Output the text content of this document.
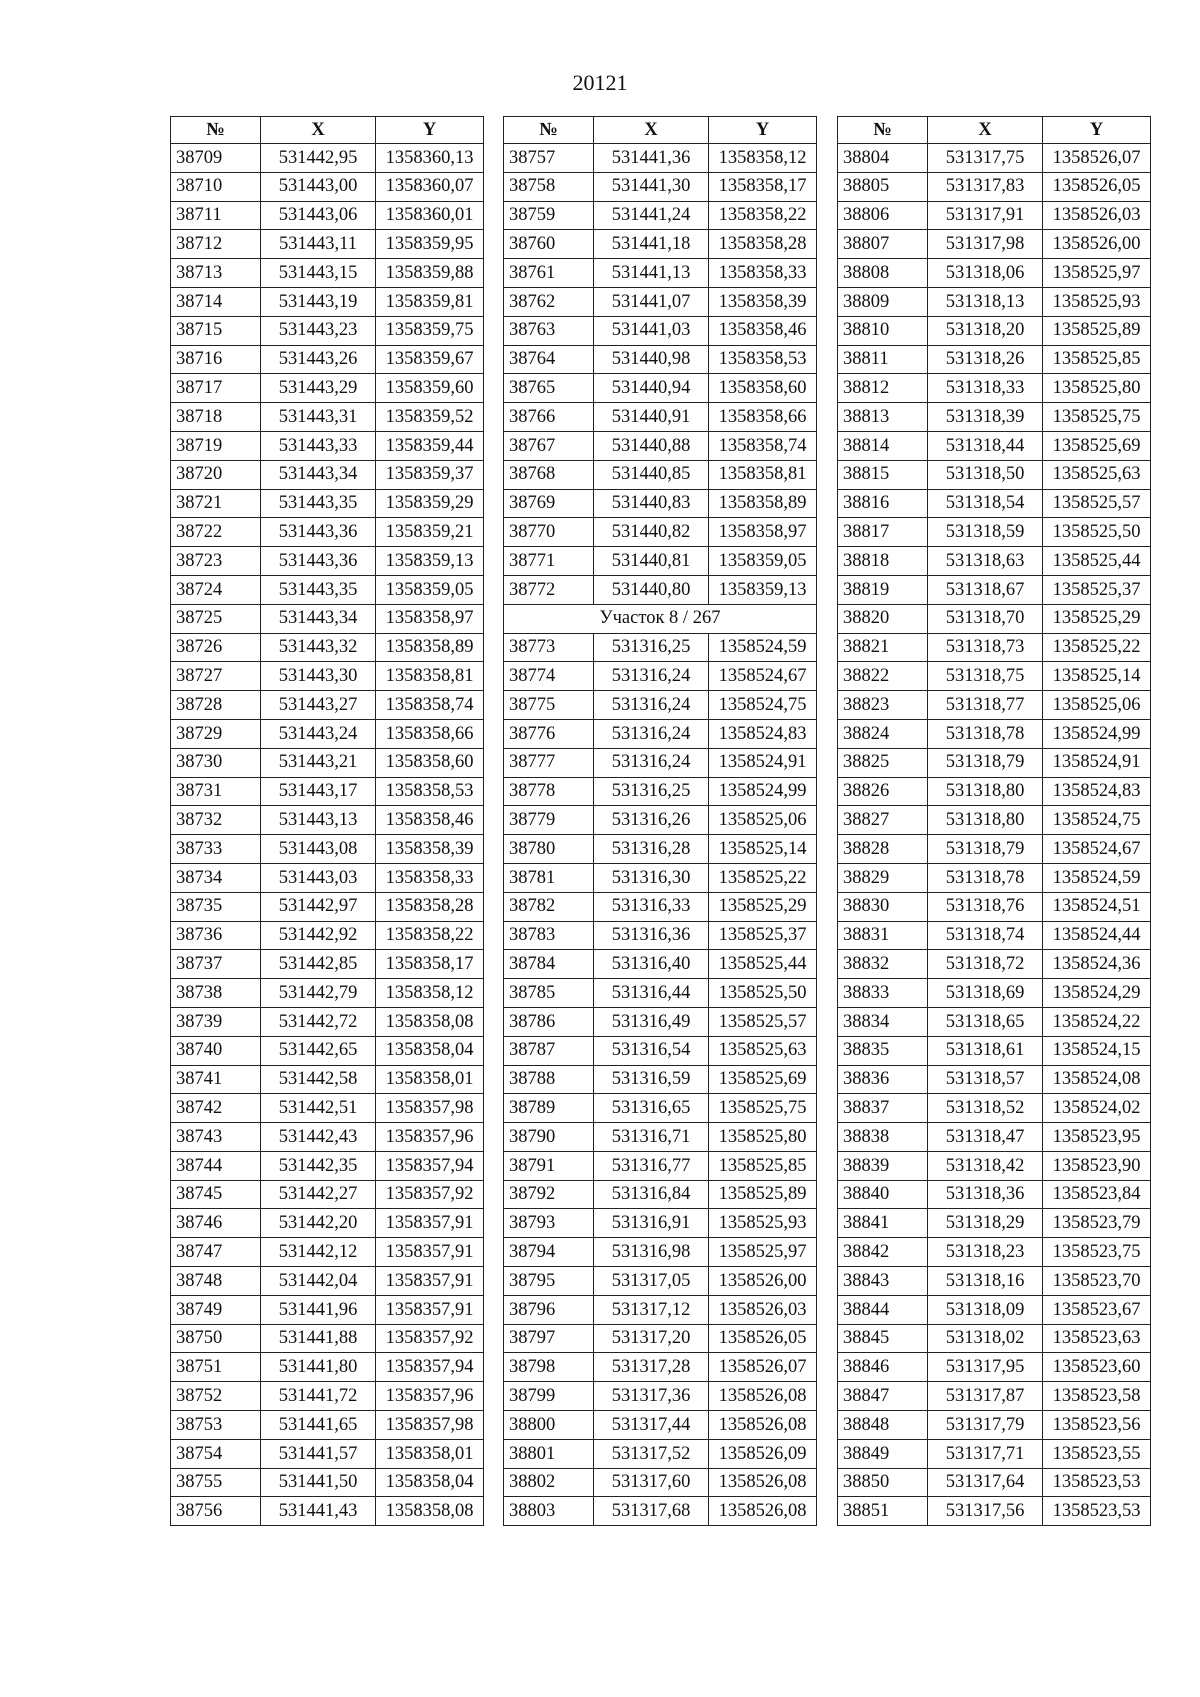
20121
№	X	Y
38709	531442,95	1358360,13
38710	531443,00	1358360,07
38711	531443,06	1358360,01
38712	531443,11	1358359,95
38713	531443,15	1358359,88
38714	531443,19	1358359,81
38715	531443,23	1358359,75
38716	531443,26	1358359,67
38717	531443,29	1358359,60
38718	531443,31	1358359,52
38719	531443,33	1358359,44
38720	531443,34	1358359,37
38721	531443,35	1358359,29
38722	531443,36	1358359,21
38723	531443,36	1358359,13
38724	531443,35	1358359,05
38725	531443,34	1358358,97
38726	531443,32	1358358,89
38727	531443,30	1358358,81
38728	531443,27	1358358,74
38729	531443,24	1358358,66
38730	531443,21	1358358,60
38731	531443,17	1358358,53
38732	531443,13	1358358,46
38733	531443,08	1358358,39
38734	531443,03	1358358,33
38735	531442,97	1358358,28
38736	531442,92	1358358,22
38737	531442,85	1358358,17
38738	531442,79	1358358,12
38739	531442,72	1358358,08
38740	531442,65	1358358,04
38741	531442,58	1358358,01
38742	531442,51	1358357,98
38743	531442,43	1358357,96
38744	531442,35	1358357,94
38745	531442,27	1358357,92
38746	531442,20	1358357,91
38747	531442,12	1358357,91
38748	531442,04	1358357,91
38749	531441,96	1358357,91
38750	531441,88	1358357,92
38751	531441,80	1358357,94
38752	531441,72	1358357,96
38753	531441,65	1358357,98
38754	531441,57	1358358,01
38755	531441,50	1358358,04
38756	531441,43	1358358,08
№	X	Y
38757	531441,36	1358358,12
38758	531441,30	1358358,17
38759	531441,24	1358358,22
38760	531441,18	1358358,28
38761	531441,13	1358358,33
38762	531441,07	1358358,39
38763	531441,03	1358358,46
38764	531440,98	1358358,53
38765	531440,94	1358358,60
38766	531440,91	1358358,66
38767	531440,88	1358358,74
38768	531440,85	1358358,81
38769	531440,83	1358358,89
38770	531440,82	1358358,97
38771	531440,81	1358359,05
38772	531440,80	1358359,13
Участок 8 / 267		
38773	531316,25	1358524,59
38774	531316,24	1358524,67
38775	531316,24	1358524,75
38776	531316,24	1358524,83
38777	531316,24	1358524,91
38778	531316,25	1358524,99
38779	531316,26	1358525,06
38780	531316,28	1358525,14
38781	531316,30	1358525,22
38782	531316,33	1358525,29
38783	531316,36	1358525,37
38784	531316,40	1358525,44
38785	531316,44	1358525,50
38786	531316,49	1358525,57
38787	531316,54	1358525,63
38788	531316,59	1358525,69
38789	531316,65	1358525,75
38790	531316,71	1358525,80
38791	531316,77	1358525,85
38792	531316,84	1358525,89
38793	531316,91	1358525,93
38794	531316,98	1358525,97
38795	531317,05	1358526,00
38796	531317,12	1358526,03
38797	531317,20	1358526,05
38798	531317,28	1358526,07
38799	531317,36	1358526,08
38800	531317,44	1358526,08
38801	531317,52	1358526,09
38802	531317,60	1358526,08
38803	531317,68	1358526,08
№	X	Y
38804	531317,75	1358526,07
38805	531317,83	1358526,05
38806	531317,91	1358526,03
38807	531317,98	1358526,00
38808	531318,06	1358525,97
38809	531318,13	1358525,93
38810	531318,20	1358525,89
38811	531318,26	1358525,85
38812	531318,33	1358525,80
38813	531318,39	1358525,75
38814	531318,44	1358525,69
38815	531318,50	1358525,63
38816	531318,54	1358525,57
38817	531318,59	1358525,50
38818	531318,63	1358525,44
38819	531318,67	1358525,37
38820	531318,70	1358525,29
38821	531318,73	1358525,22
38822	531318,75	1358525,14
38823	531318,77	1358525,06
38824	531318,78	1358524,99
38825	531318,79	1358524,91
38826	531318,80	1358524,83
38827	531318,80	1358524,75
38828	531318,79	1358524,67
38829	531318,78	1358524,59
38830	531318,76	1358524,51
38831	531318,74	1358524,44
38832	531318,72	1358524,36
38833	531318,69	1358524,29
38834	531318,65	1358524,22
38835	531318,61	1358524,15
38836	531318,57	1358524,08
38837	531318,52	1358524,02
38838	531318,47	1358523,95
38839	531318,42	1358523,90
38840	531318,36	1358523,84
38841	531318,29	1358523,79
38842	531318,23	1358523,75
38843	531318,16	1358523,70
38844	531318,09	1358523,67
38845	531318,02	1358523,63
38846	531317,95	1358523,60
38847	531317,87	1358523,58
38848	531317,79	1358523,56
38849	531317,71	1358523,55
38850	531317,64	1358523,53
38851	531317,56	1358523,53
